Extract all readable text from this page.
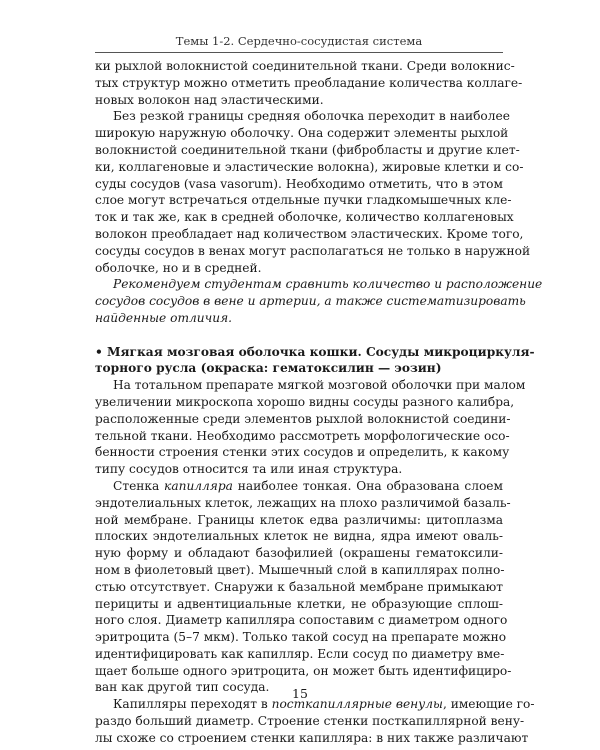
Темы 1-2. Сердечно-сосудистая система
ки рыхлой волокнистой соединительной ткани. Среди волокнис-
тых структур можно отметить преобладание количества коллаге-
новых волокон над эластическими.
Без резкой границы средняя оболочка переходит в наиболее
широкую наружную оболочку. Она содержит элементы рыхлой
волокнистой соединительной ткани (фибробласты и другие клет-
ки, коллагеновые и эластические волокна), жировые клетки и со-
суды сосудов (vasa vasorum). Необходимо отметить, что в этом
слое могут встречаться отдельные пучки гладкомышечных кле-
ток и так же, как в средней оболочке, количество коллагеновых
волокон преобладает над количеством эластических. Кроме того,
сосуды сосудов в венах могут располагаться не только в наружной
оболочке, но и в средней.
Рекомендуем студентам сравнить количество и расположение
сосудов сосудов в вене и артерии, а также систематизировать
найденные отличия.
• Мягкая мозговая оболочка кошки. Сосуды микроциркуля-
торного русла (окраска: гематоксилин — эозин)
На тотальном препарате мягкой мозговой оболочки при малом
увеличении микроскопа хорошо видны сосуды разного калибра,
расположенные среди элементов рыхлой волокнистой соедини-
тельной ткани. Необходимо рассмотреть морфологические осо-
бенности строения стенки этих сосудов и определить, к какому
типу сосудов относится та или иная структура.
Стенка капилляра наиболее тонкая. Она образована слоем
эндотелиальных клеток, лежащих на плохо различимой базаль-
ной мембране. Границы клеток едва различимы: цитоплазма
плоских эндотелиальных клеток не видна, ядра имеют оваль-
ную форму и обладают базофилией (окрашены гематоксили-
ном в фиолетовый цвет). Мышечный слой в капиллярах полно-
стью отсутствует. Снаружи к базальной мембране примыкают
перициты и адвентициальные клетки, не образующие сплош-
ного слоя. Диаметр капилляра сопоставим с диаметром одного
эритроцита (5–7 мкм). Только такой сосуд на препарате можно
идентифицировать как капилляр. Если сосуд по диаметру вме-
щает больше одного эритроцита, он может быть идентифициро-
ван как другой тип сосуда.
Капилляры переходят в посткапиллярные венулы, имеющие го-
раздо больший диаметр. Строение стенки посткапиллярной вену-
лы схоже со строением стенки капилляра: в них также различают
15
